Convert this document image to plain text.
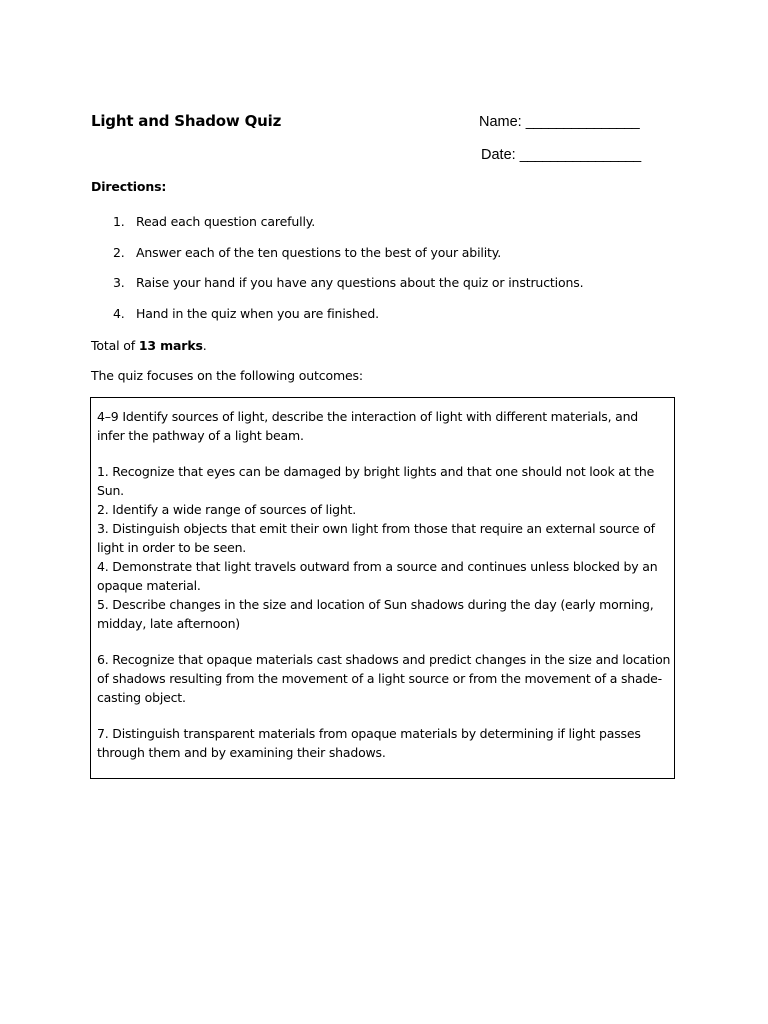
Light and Shadow Quiz	Name: _______________
Date: ________________
Directions:
1. Read each question carefully.
2. Answer each of the ten questions to the best of your ability.
3. Raise your hand if you have any questions about the quiz or instructions.
4. Hand in the quiz when you are finished.
Total of 13 marks.
The quiz focuses on the following outcomes:

4–9 Identify sources of light, describe the interaction of light with different materials, and

infer the pathway of a light beam.

1. Recognize that eyes can be damaged by bright lights and that one should not look at the

Sun.

2. Identify a wide range of sources of light.

3. Distinguish objects that emit their own light from those that require an external source of

light in order to be seen.

4. Demonstrate that light travels outward from a source and continues unless blocked by an

opaque material.

5. Describe changes in the size and location of Sun shadows during the day (early morning,

midday, late afternoon)

6. Recognize that opaque materials cast shadows and predict changes in the size and location

of shadows resulting from the movement of a light source or from the movement of a shade-

casting object.

7. Distinguish transparent materials from opaque materials by determining if light passes

through them and by examining their shadows.
